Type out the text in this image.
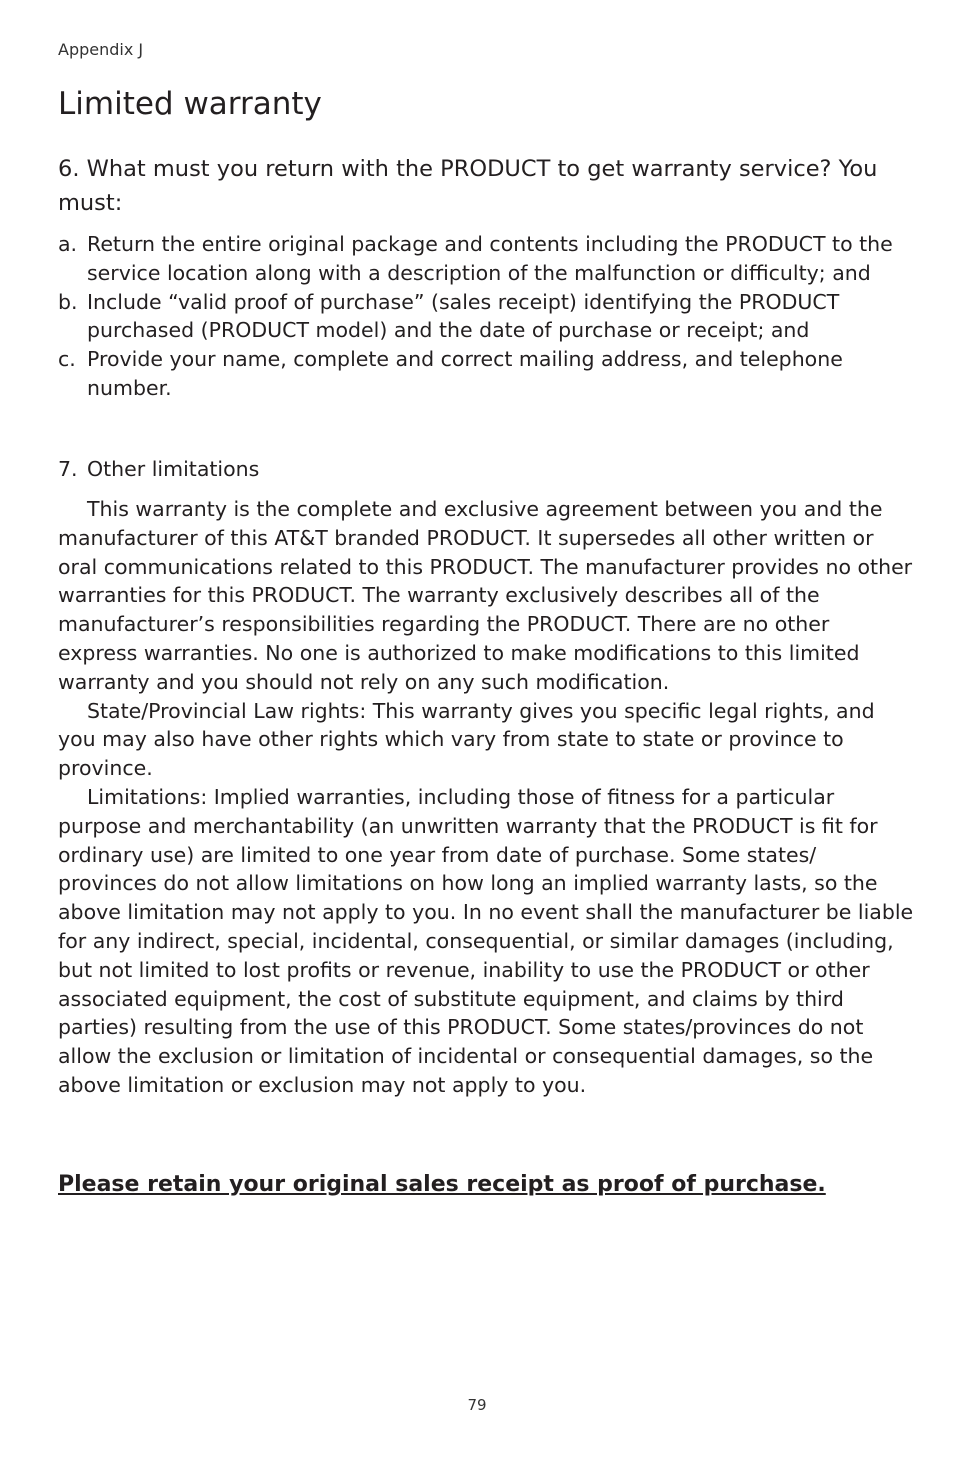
Appendix J
Limited warranty

6. What must you return with the PRODUCT to get warranty service? You must:

a. Return the entire original package and contents including the PRODUCT to the service location along with a description of the malfunction or difficulty; and
b. Include “valid proof of purchase” (sales receipt) identifying the PRODUCT purchased (PRODUCT model) and the date of purchase or receipt; and
c. Provide your name, complete and correct mailing address, and telephone number.
7. Other limitations

This warranty is the complete and exclusive agreement between you and the manufacturer of this AT&T branded PRODUCT. It supersedes all other written or oral communications related to this PRODUCT. The manufacturer provides no other warranties for this PRODUCT. The warranty exclusively describes all of the manufacturer’s responsibilities regarding the PRODUCT. There are no other express warranties. No one is authorized to make modifications to this limited warranty and you should not rely on any such modification.

State/Provincial Law rights: This warranty gives you specific legal rights, and you may also have other rights which vary from state to state or province to province.

Limitations: Implied warranties, including those of fitness for a particular purpose and merchantability (an unwritten warranty that the PRODUCT is fit for ordinary use) are limited to one year from date of purchase. Some states/ provinces do not allow limitations on how long an implied warranty lasts, so the above limitation may not apply to you. In no event shall the manufacturer be liable for any indirect, special, incidental, consequential, or similar damages (including, but not limited to lost profits or revenue, inability to use the PRODUCT or other associated equipment, the cost of substitute equipment, and claims by third parties) resulting from the use of this PRODUCT. Some states/provinces do not allow the exclusion or limitation of incidental or consequential damages, so the above limitation or exclusion may not apply to you.

Please retain your original sales receipt as proof of purchase.
79
